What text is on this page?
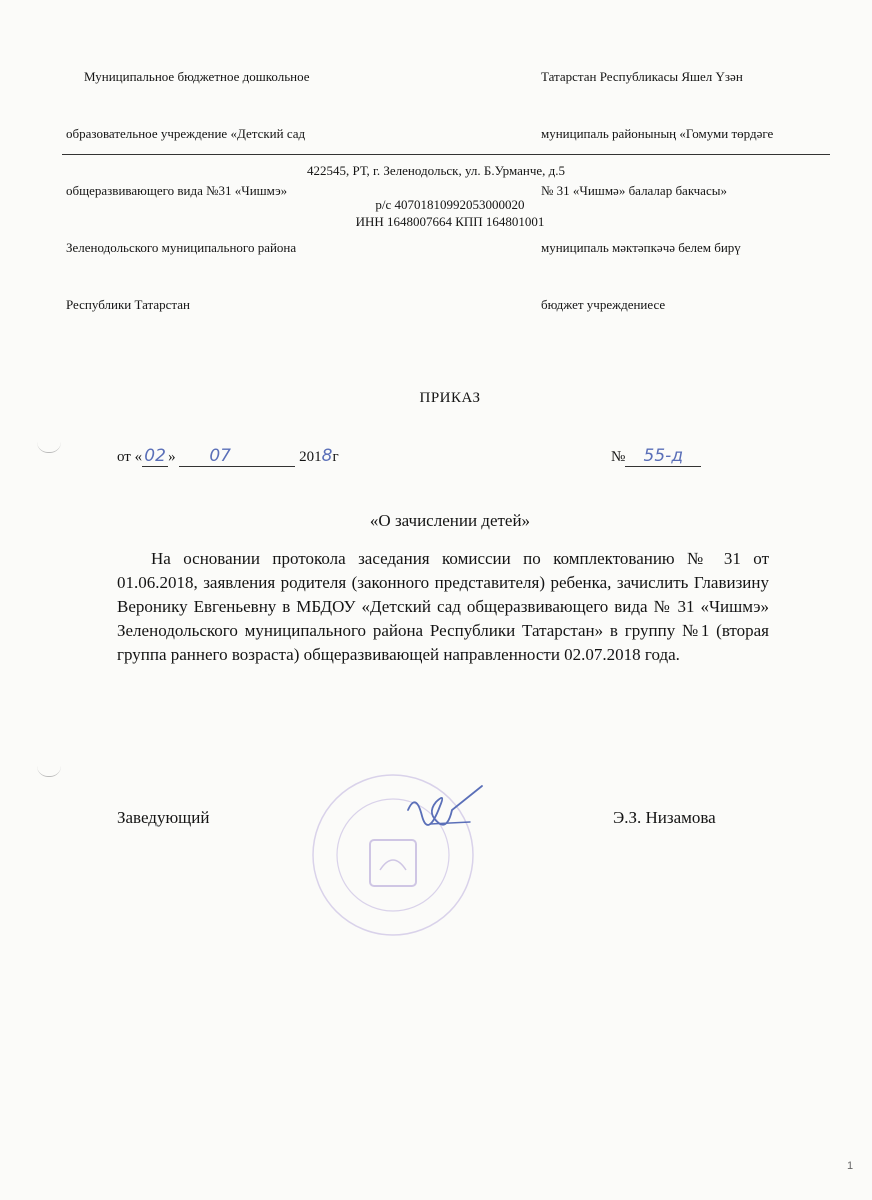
Муниципальное бюджетное дошкольное

образовательное учреждение «Детский сад

общеразвивающего вида №31 «Чишмэ»

Зеленодольского муниципального района

Республики Татарстан

Татарстан Республикасы Яшел Үзән

муниципаль районының «Гомуми төрдәге

№ 31 «Чишмә» балалар бакчасы»

муниципаль мәктәпкәчә белем бирү

бюджет учреждениесе

422545, РТ, г. Зеленодольск, ул. Б.Урманче, д.5
р/с 40701810992053000020
ИНН 1648007664 КПП 164801001
ПРИКАЗ
от « 02 » 07	2018г	№ 55-д
«О зачислении детей»
На основании протокола заседания комиссии по комплектованию № 31 от 01.06.2018, заявления родителя (законного представителя) ребенка, зачислить Главизину Веронику Евгеньевну в МБДОУ «Детский сад общеразвивающего вида № 31 «Чишмэ» Зеленодольского муниципального района Республики Татарстан» в группу №1 (вторая группа раннего возраста) общеразвивающей направленности 02.07.2018 года.
Заведующий	Э.З. Низамова
1
